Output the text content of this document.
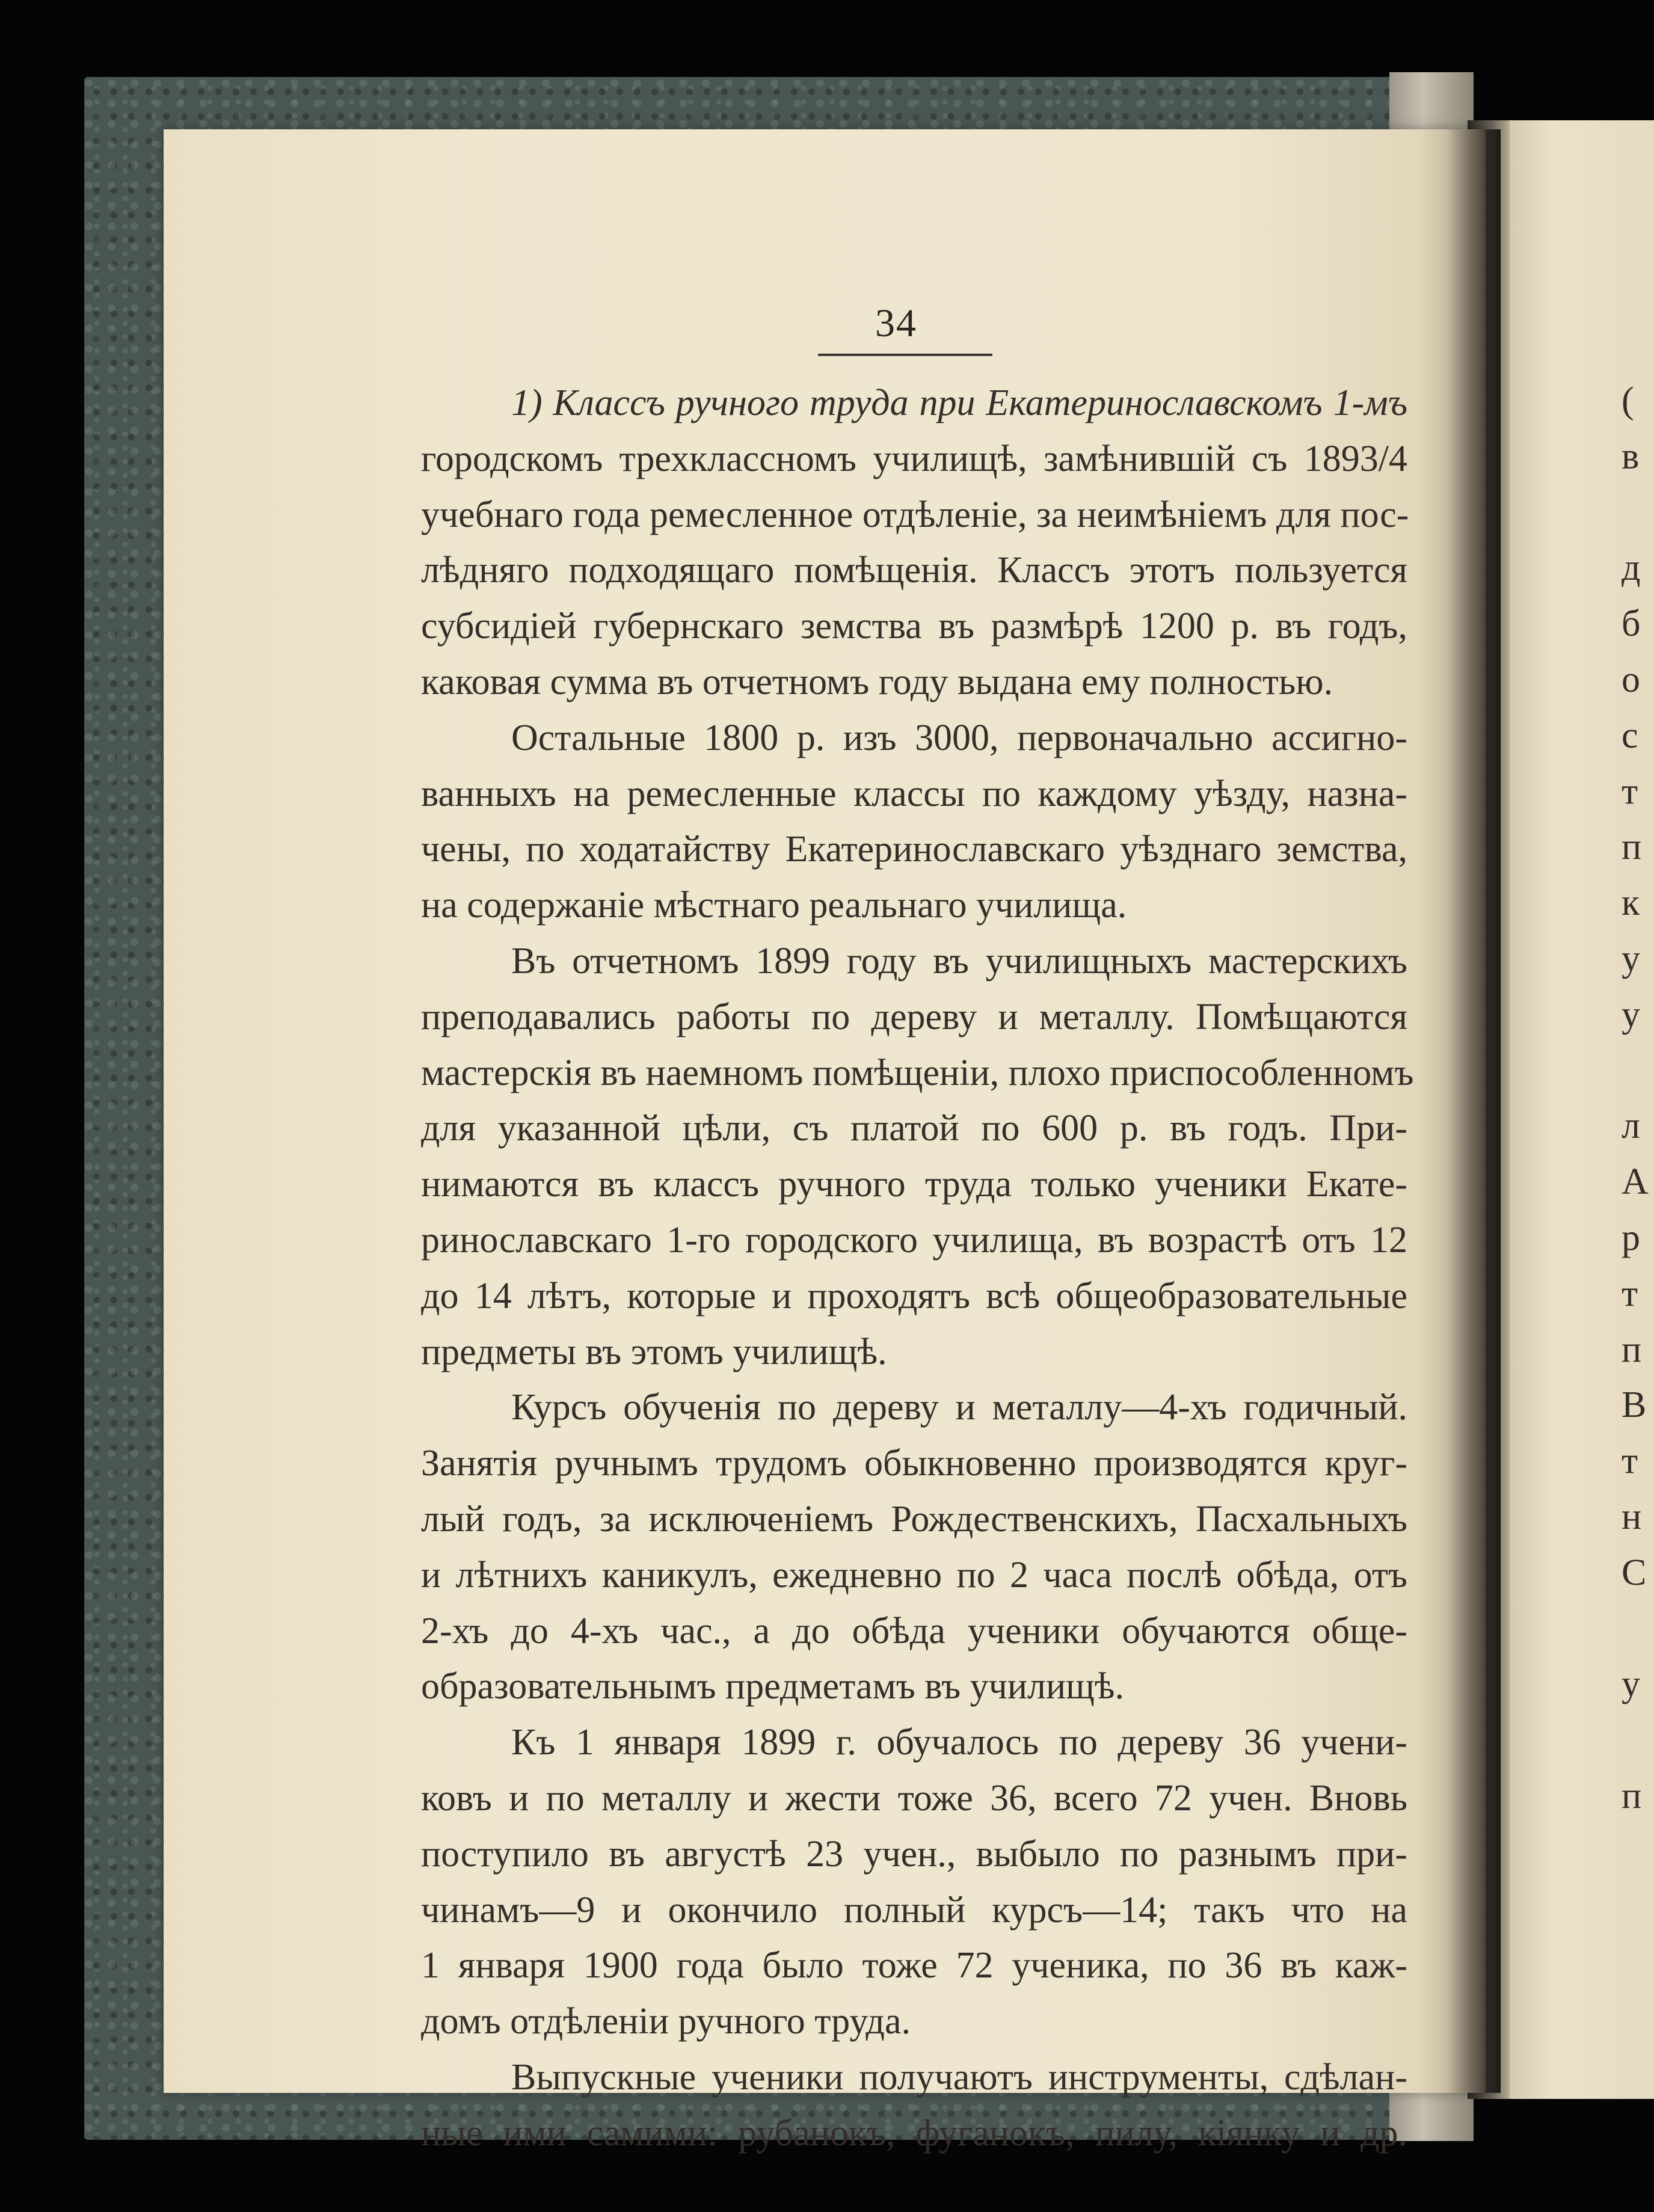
34
1) Классъ ручного труда при Екатеринославскомъ 1-мъ
городскомъ трехклассномъ училищѣ, замѣнившій съ 1893/4
учебнаго года ремесленное отдѣленіе, за неимѣніемъ для пос-
лѣдняго подходящаго помѣщенія. Классъ этотъ пользуется
субсидіей губернскаго земства въ размѣрѣ 1200 р. въ годъ,
каковая сумма въ отчетномъ году выдана ему полностью.
Остальные 1800 р. изъ 3000, первоначально ассигно-
ванныхъ на ремесленные классы по каждому уѣзду, назна-
чены, по ходатайству Екатеринославскаго уѣзднаго земства,
на содержаніе мѣстнаго реальнаго училища.
Въ отчетномъ 1899 году въ училищныхъ мастерскихъ
преподавались работы по дереву и металлу. Помѣщаются
мастерскія въ наемномъ помѣщеніи, плохо приспособленномъ
для указанной цѣли, съ платой по 600 р. въ годъ. При-
нимаются въ классъ ручного труда только ученики Екате-
ринославскаго 1-го городского училища, въ возрастѣ отъ 12
до 14 лѣтъ, которые и проходятъ всѣ общеобразовательные
предметы въ этомъ училищѣ.
Курсъ обученія по дереву и металлу—4-хъ годичный.
Занятія ручнымъ трудомъ обыкновенно производятся круг-
лый годъ, за исключеніемъ Рождественскихъ, Пасхальныхъ
и лѣтнихъ каникулъ, ежедневно по 2 часа послѣ обѣда, отъ
2-хъ до 4-хъ час., а до обѣда ученики обучаются обще-
образовательнымъ предметамъ въ училищѣ.
Къ 1 января 1899 г. обучалось по дереву 36 учени-
ковъ и по металлу и жести тоже 36, всего 72 учен. Вновь
поступило въ августѣ 23 учен., выбыло по разнымъ при-
чинамъ—9 и окончило полный курсъ—14; такъ что на
1 января 1900 года было тоже 72 ученика, по 36 въ каж-
домъ отдѣленіи ручного труда.
Выпускные ученики получаютъ инструменты, сдѣлан-
ные ими самими: рубанокъ, фуганокъ, пилу, кіянку и др.
(
в
д
б
о
с
т
п
к
у
у
л
А
р
т
п
В
т
н
С
у
п
